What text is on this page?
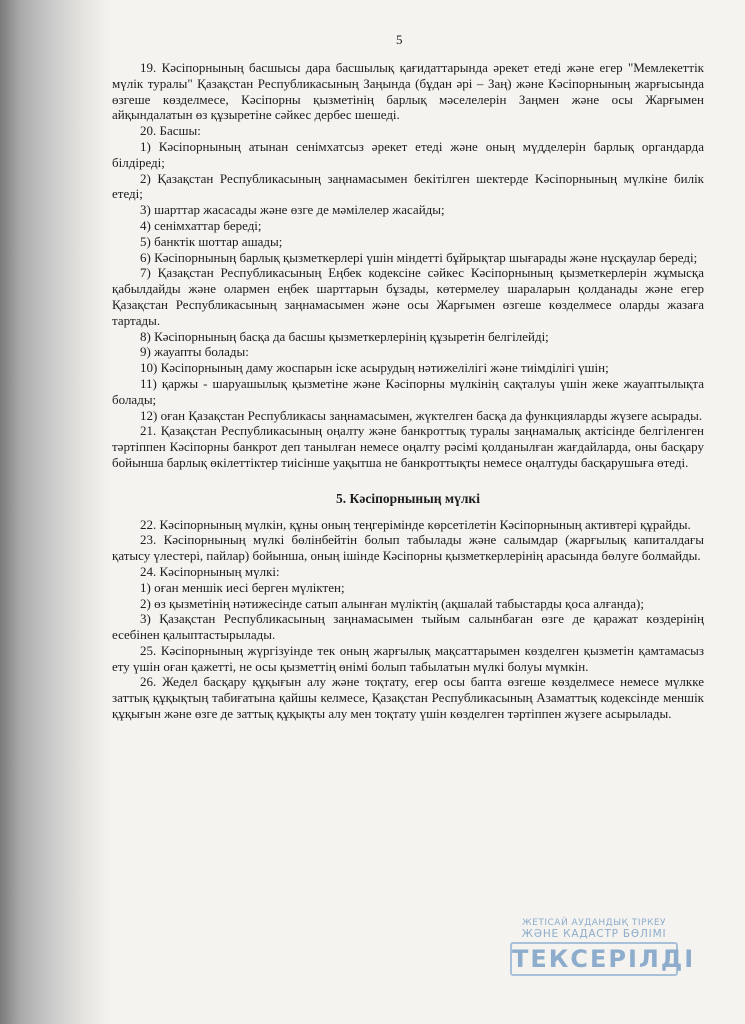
5

19. Кәсіпорнының басшысы дара басшылық қағидаттарында әрекет етеді және егер "Мемлекеттік мүлік туралы" Қазақстан Республикасының Заңында (бұдан әрі – Заң) және Кәсіпорнының жарғысында өзгеше көзделмесе, Кәсіпорны қызметінің барлық мәселелерін Заңмен және осы Жарғымен айқындалатын өз құзыретіне сәйкес дербес шешеді.

20. Басшы:

1) Кәсіпорнының атынан сенімхатсыз әрекет етеді және оның мүдделерін барлық органдарда білдіреді;

2) Қазақстан Республикасының заңнамасымен бекітілген шектерде Кәсіпорнының мүлкіне билік етеді;

3) шарттар жасасады және өзге де мәмілелер жасайды;

4) сенімхаттар береді;

5) банктік шоттар ашады;

6) Кәсіпорнының барлық қызметкерлері үшін міндетті бұйрықтар шығарады және нұсқаулар береді;

7) Қазақстан Республикасының Еңбек кодексіне сәйкес Кәсіпорнының қызметкерлерін жұмысқа қабылдайды және олармен еңбек шарттарын бұзады, көтермелеу шараларын қолданады және егер Қазақстан Республикасының заңнамасымен және осы Жарғымен өзгеше көзделмесе оларды жазаға тартады.

8) Кәсіпорнының басқа да басшы қызметкерлерінің құзыретін белгілейді;

9) жауапты болады:

10) Кәсіпорнының даму жоспарын іске асырудың нәтижелілігі және тиімділігі үшін;

11) қаржы - шаруашылық қызметіне және Кәсіпорны мүлкінің сақталуы үшін жеке жауаптылықта болады;

12) оған Қазақстан Республикасы заңнамасымен, жүктелген басқа да функцияларды жүзеге асырады.

21. Қазақстан Республикасының оңалту және банкроттық туралы заңнамалық актісінде белгіленген тәртіппен Кәсіпорны банкрот деп танылған немесе оңалту рәсімі қолданылған жағдайларда, оны басқару бойынша барлық өкілеттіктер тиісінше уақытша не банкроттықты немесе оңалтуды басқарушыға өтеді.

5. Кәсіпорнының мүлкі

22. Кәсіпорнының мүлкін, құны оның теңгерімінде көрсетілетін Кәсіпорнының активтері құрайды.

23. Кәсіпорнының мүлкі бөлінбейтін болып табылады және салымдар (жарғылық капиталдағы қатысу үлестері, пайлар) бойынша, оның ішінде Кәсіпорны қызметкерлерінің арасында бөлуге болмайды.

24. Кәсіпорнының мүлкі:

1) оған меншік иесі берген мүліктен;

2) өз қызметінің нәтижесінде сатып алынған мүліктің (ақшалай табыстарды қоса алғанда);

3) Қазақстан Республикасының заңнамасымен тыйым салынбаған өзге де қаражат көздерінің есебінен қалыптастырылады.

25. Кәсіпорнының жүргізуінде тек оның жарғылық мақсаттарымен көзделген қызметін қамтамасыз ету үшін оған қажетті, не осы қызметтің өнімі болып табылатын мүлкі болуы мүмкін.

26. Жедел басқару құқығын алу және тоқтату, егер осы бапта өзгеше көзделмесе немесе мүлкке заттық құқықтың табиғатына қайшы келмесе, Қазақстан Республикасының Азаматтық кодексінде меншік құқығын және өзге де заттық құқықты алу мен тоқтату үшін көзделген тәртіппен жүзеге асырылады.

ЖЕТІСАЙ АУДАНДЫҚ ТІРКЕУ
ЖӘНЕ КАДАСТР БӨЛІМІ
ТЕКСЕРІЛДІ
